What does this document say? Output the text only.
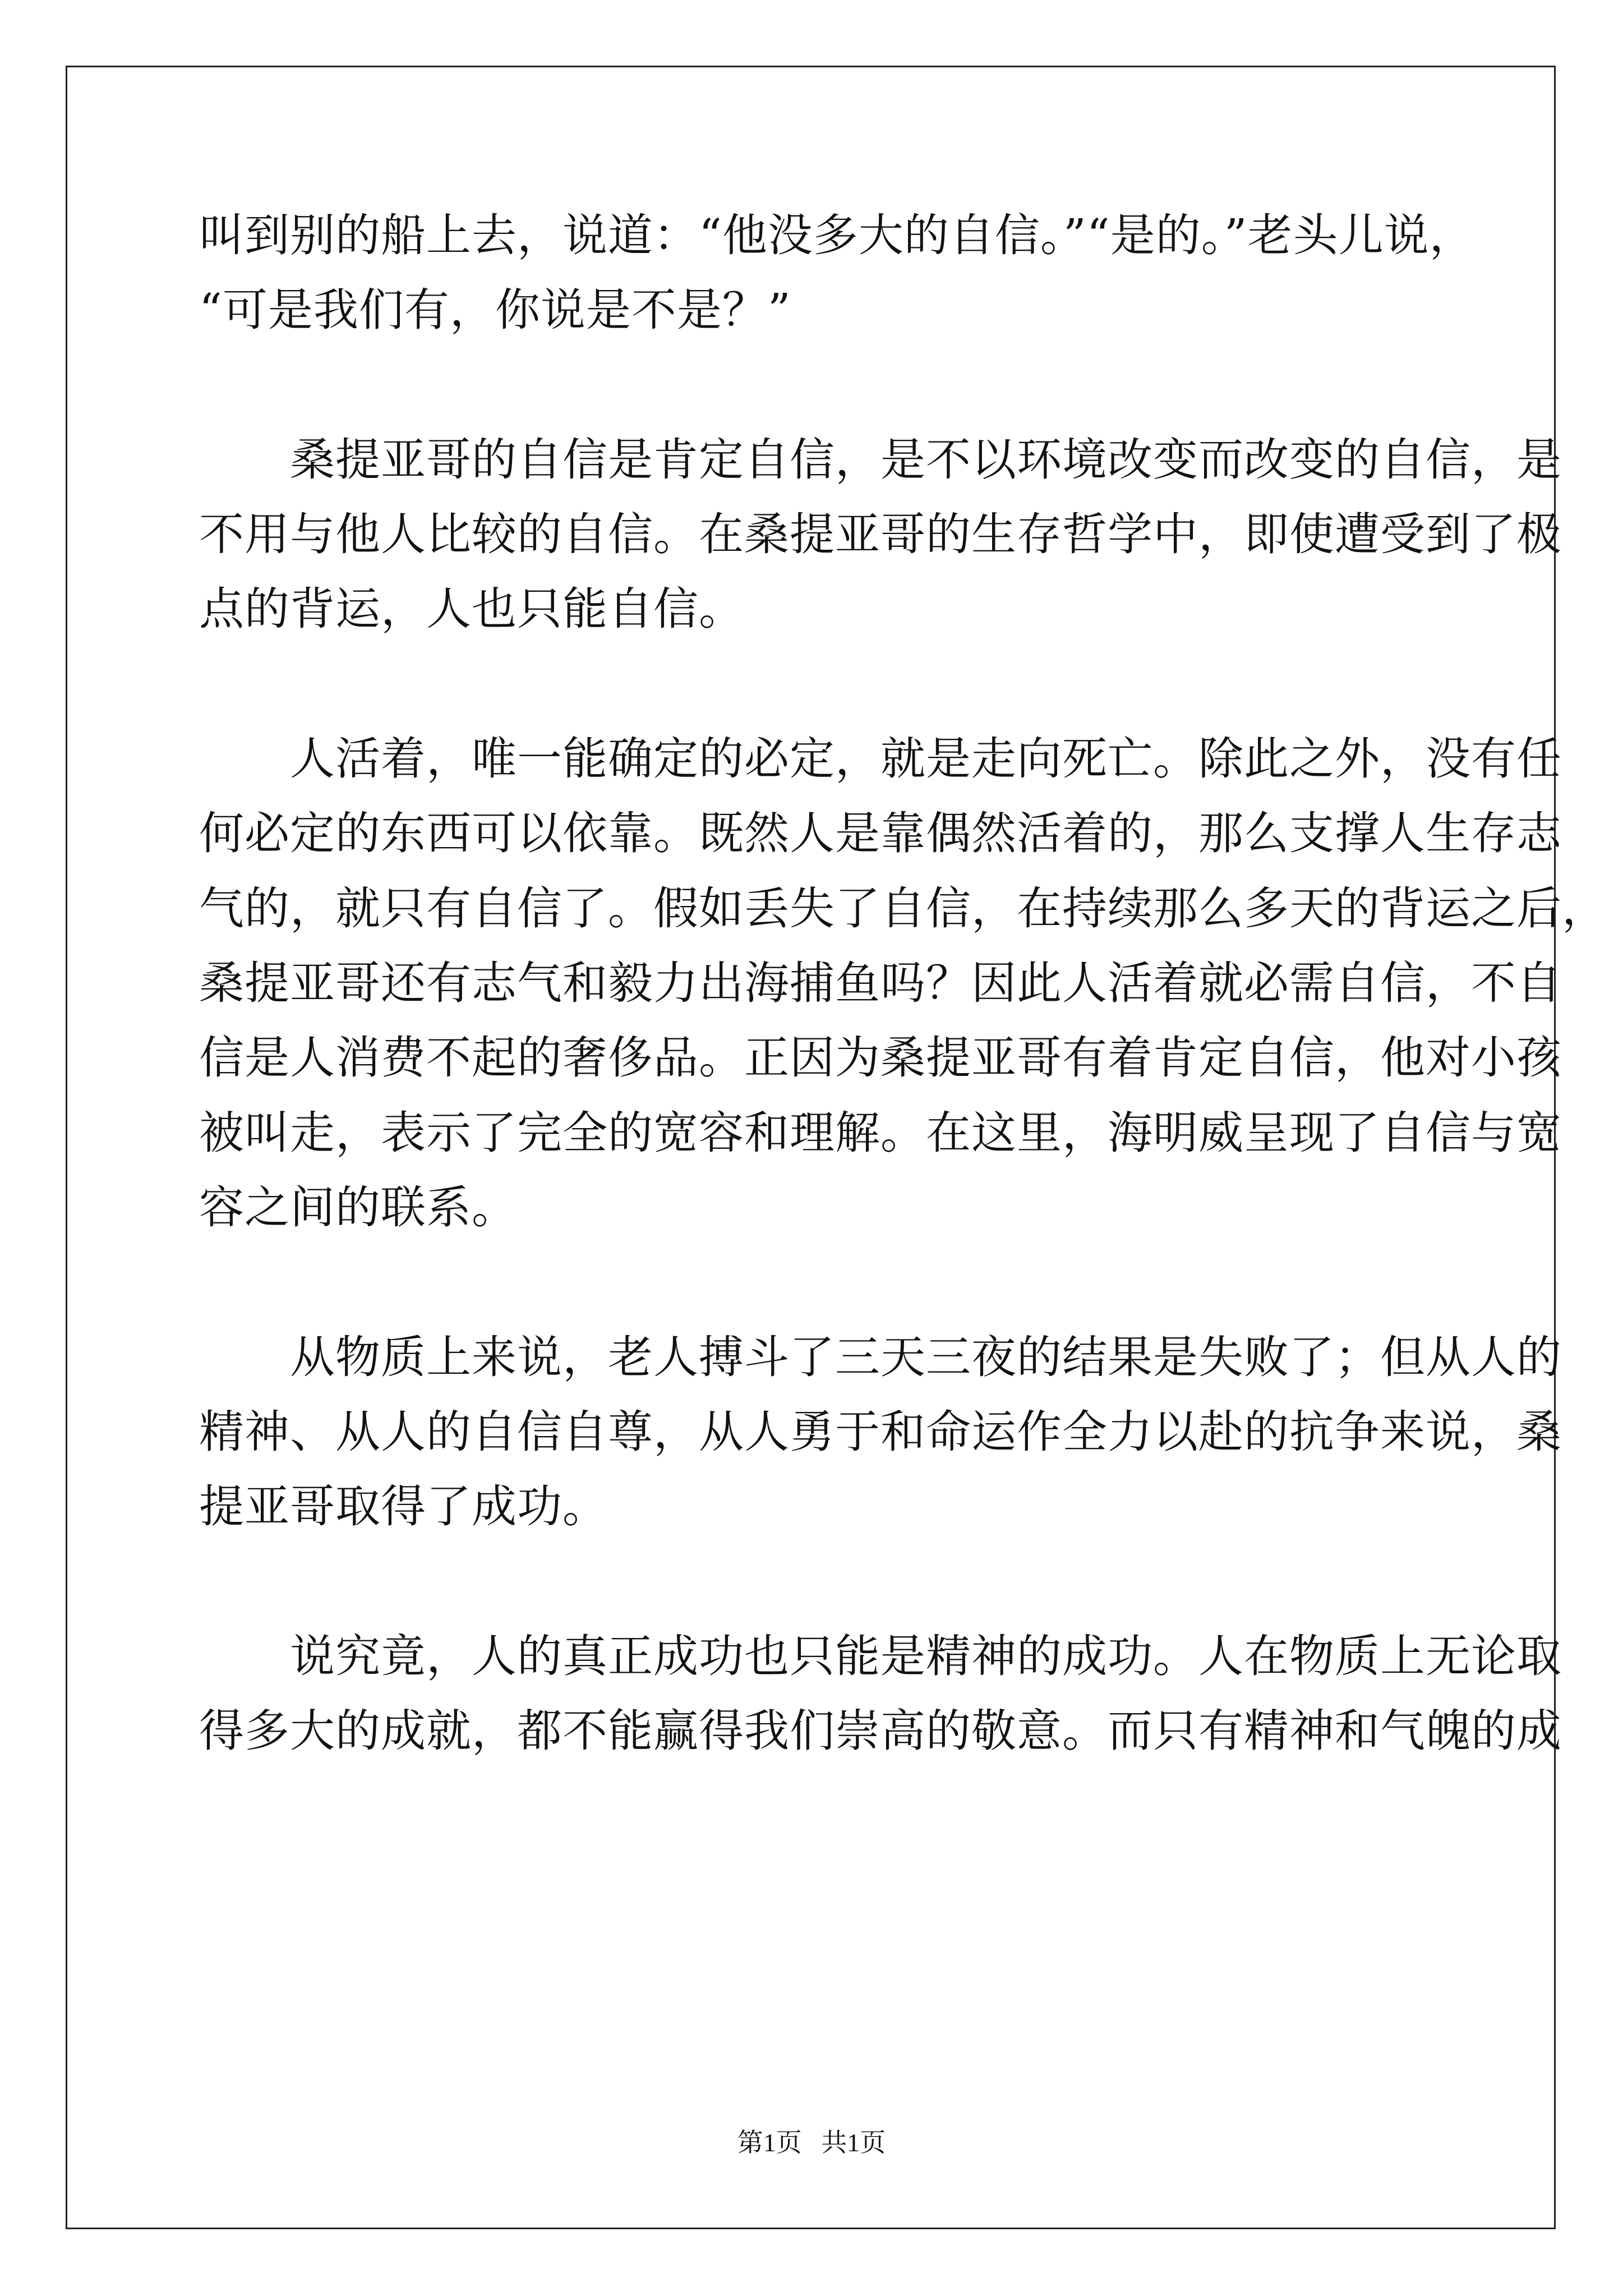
叫到别的船上去，说道：“他没多大的自信。”“是的。”老头儿说，
“可是我们有，你说是不是？”
　　桑提亚哥的自信是肯定自信，是不以环境改变而改变的自信，是
不用与他人比较的自信。在桑提亚哥的生存哲学中，即使遭受到了极
点的背运，人也只能自信。
　　人活着，唯一能确定的必定，就是走向死亡。除此之外，没有任
何必定的东西可以依靠。既然人是靠偶然活着的，那么支撑人生存志
气的，就只有自信了。假如丢失了自信，在持续那么多天的背运之后，
桑提亚哥还有志气和毅力出海捕鱼吗？因此人活着就必需自信，不自
信是人消费不起的奢侈品。正因为桑提亚哥有着肯定自信，他对小孩
被叫走，表示了完全的宽容和理解。在这里，海明威呈现了自信与宽
容之间的联系。
　　从物质上来说，老人搏斗了三天三夜的结果是失败了；但从人的
精神、从人的自信自尊，从人勇于和命运作全力以赴的抗争来说，桑
提亚哥取得了成功。
　　说究竟，人的真正成功也只能是精神的成功。人在物质上无论取
得多大的成就，都不能赢得我们崇高的敬意。而只有精神和气魄的成
第1页 共1页
